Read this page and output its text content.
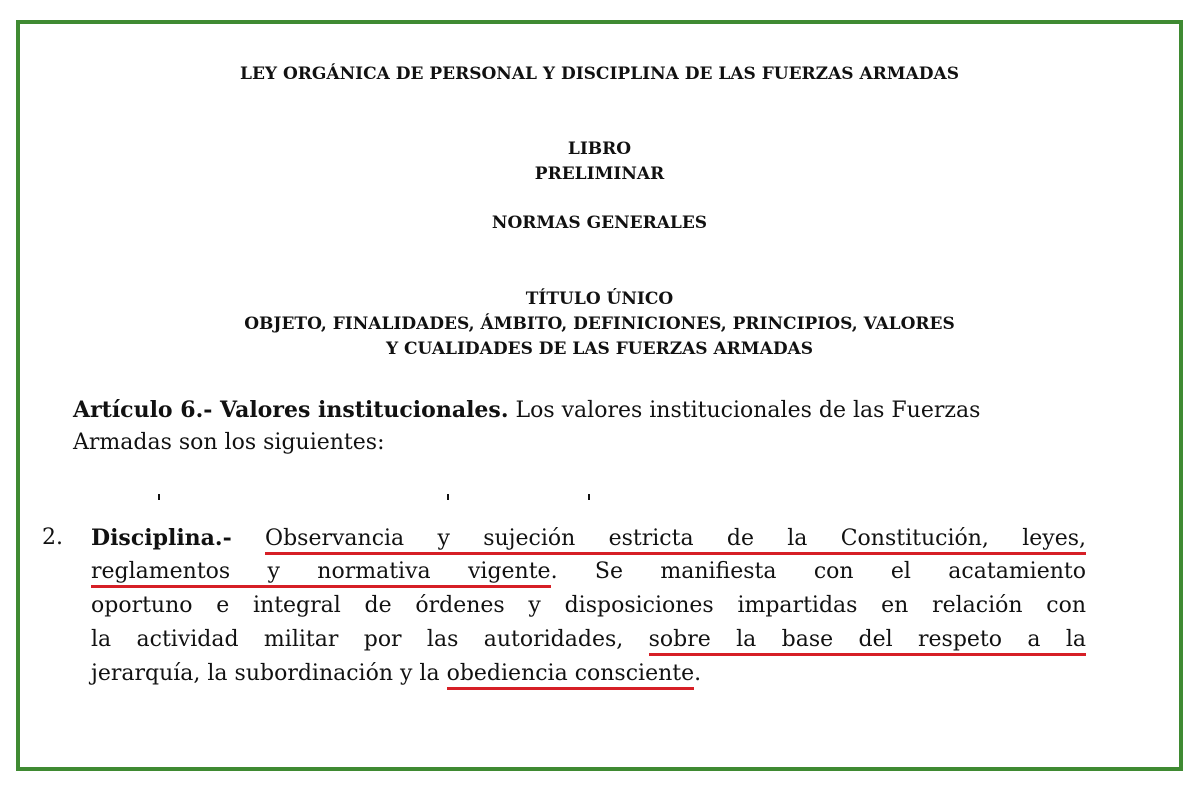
LEY ORGÁNICA DE PERSONAL Y DISCIPLINA DE LAS FUERZAS ARMADAS
LIBRO
PRELIMINAR
NORMAS GENERALES
TÍTULO ÚNICO
OBJETO, FINALIDADES, ÁMBITO, DEFINICIONES, PRINCIPIOS, VALORES
Y CUALIDADES DE LAS FUERZAS ARMADAS
Artículo 6.- Valores institucionales. Los valores institucionales de las Fuerzas Armadas son los siguientes:
2. Disciplina.- Observancia y sujeción estricta de la Constitución, leyes,
reglamentos y normativa vigente. Se manifiesta con el acatamiento
oportuno e integral de órdenes y disposiciones impartidas en relación con
la actividad militar por las autoridades, sobre la base del respeto a la
jerarquía, la subordinación y la obediencia consciente.
